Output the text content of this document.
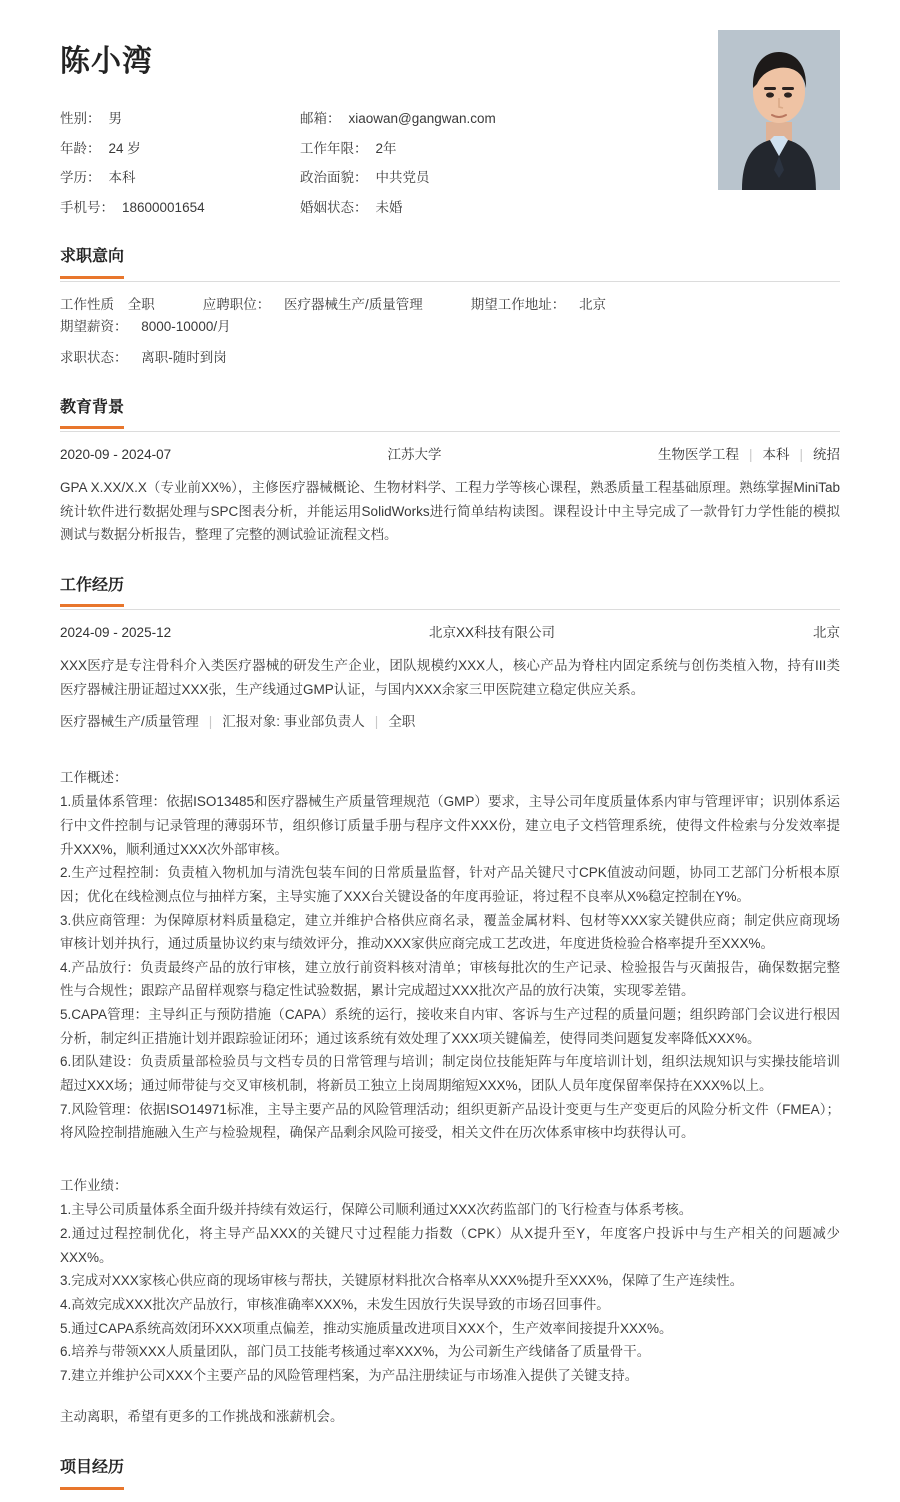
陈小湾
性别： 男	邮箱： xiaowan@gangwan.com
年龄： 24 岁	工作年限： 2年
学历： 本科	政治面貌： 中共党员
手机号： 18600001654	婚姻状态： 未婚
求职意向
工作性质 全职	应聘职位： 医疗器械生产/质量管理	期望工作地址： 北京
期望薪资： 8000-10000/月
求职状态： 离职-随时到岗
教育背景
2020-09 - 2024-07	江苏大学	生物医学工程 | 本科 | 统招

GPA X.XX/X.X（专业前XX%），主修医疗器械概论、生物材料学、工程力学等核心课程，熟悉质量工程基础原理。熟练掌握MiniTab统计软件进行数据处理与SPC图表分析，并能运用SolidWorks进行简单结构读图。课程设计中主导完成了一款骨钉力学性能的模拟测试与数据分析报告，整理了完整的测试验证流程文档。

工作经历
2024-09 - 2025-12	北京XX科技有限公司	北京

XXX医疗是专注骨科介入类医疗器械的研发生产企业，团队规模约XXX人，核心产品为脊柱内固定系统与创伤类植入物，持有III类医疗器械注册证超过XXX张，生产线通过GMP认证，与国内XXX余家三甲医院建立稳定供应关系。

医疗器械生产/质量管理 | 汇报对象: 事业部负责人 | 全职
工作概述：

1.质量体系管理：依据ISO13485和医疗器械生产质量管理规范（GMP）要求，主导公司年度质量体系内审与管理评审；识别体系运行中文件控制与记录管理的薄弱环节，组织修订质量手册与程序文件XXX份，建立电子文档管理系统，使得文件检索与分发效率提升XXX%，顺利通过XXX次外部审核。

2.生产过程控制：负责植入物机加与清洗包装车间的日常质量监督，针对产品关键尺寸CPK值波动问题，协同工艺部门分析根本原因；优化在线检测点位与抽样方案，主导实施了XXX台关键设备的年度再验证，将过程不良率从X%稳定控制在Y%。

3.供应商管理：为保障原材料质量稳定，建立并维护合格供应商名录，覆盖金属材料、包材等XXX家关键供应商；制定供应商现场审核计划并执行，通过质量协议约束与绩效评分，推动XXX家供应商完成工艺改进，年度进货检验合格率提升至XXX%。

4.产品放行：负责最终产品的放行审核，建立放行前资料核对清单；审核每批次的生产记录、检验报告与灭菌报告，确保数据完整性与合规性；跟踪产品留样观察与稳定性试验数据，累计完成超过XXX批次产品的放行决策，实现零差错。

5.CAPA管理：主导纠正与预防措施（CAPA）系统的运行，接收来自内审、客诉与生产过程的质量问题；组织跨部门会议进行根因分析，制定纠正措施计划并跟踪验证闭环；通过该系统有效处理了XXX项关键偏差，使得同类问题复发率降低XXX%。

6.团队建设：负责质量部检验员与文档专员的日常管理与培训；制定岗位技能矩阵与年度培训计划，组织法规知识与实操技能培训超过XXX场；通过师带徒与交叉审核机制，将新员工独立上岗周期缩短XXX%，团队人员年度保留率保持在XXX%以上。

7.风险管理：依据ISO14971标准，主导主要产品的风险管理活动；组织更新产品设计变更与生产变更后的风险分析文件（FMEA）；将风险控制措施融入生产与检验规程，确保产品剩余风险可接受，相关文件在历次体系审核中均获得认可。

工作业绩：

1.主导公司质量体系全面升级并持续有效运行，保障公司顺利通过XXX次药监部门的飞行检查与体系考核。

2.通过过程控制优化，将主导产品XXX的关键尺寸过程能力指数（CPK）从X提升至Y，年度客户投诉中与生产相关的问题减少XXX%。

3.完成对XXX家核心供应商的现场审核与帮扶，关键原材料批次合格率从XXX%提升至XXX%，保障了生产连续性。

4.高效完成XXX批次产品放行，审核准确率XXX%，未发生因放行失误导致的市场召回事件。

5.通过CAPA系统高效闭环XXX项重点偏差，推动实施质量改进项目XXX个，生产效率间接提升XXX%。

6.培养与带领XXX人质量团队，部门员工技能考核通过率XXX%，为公司新生产线储备了质量骨干。

7.建立并维护公司XXX个主要产品的风险管理档案，为产品注册续证与市场准入提供了关键支持。

主动离职，希望有更多的工作挑战和涨薪机会。

项目经历
